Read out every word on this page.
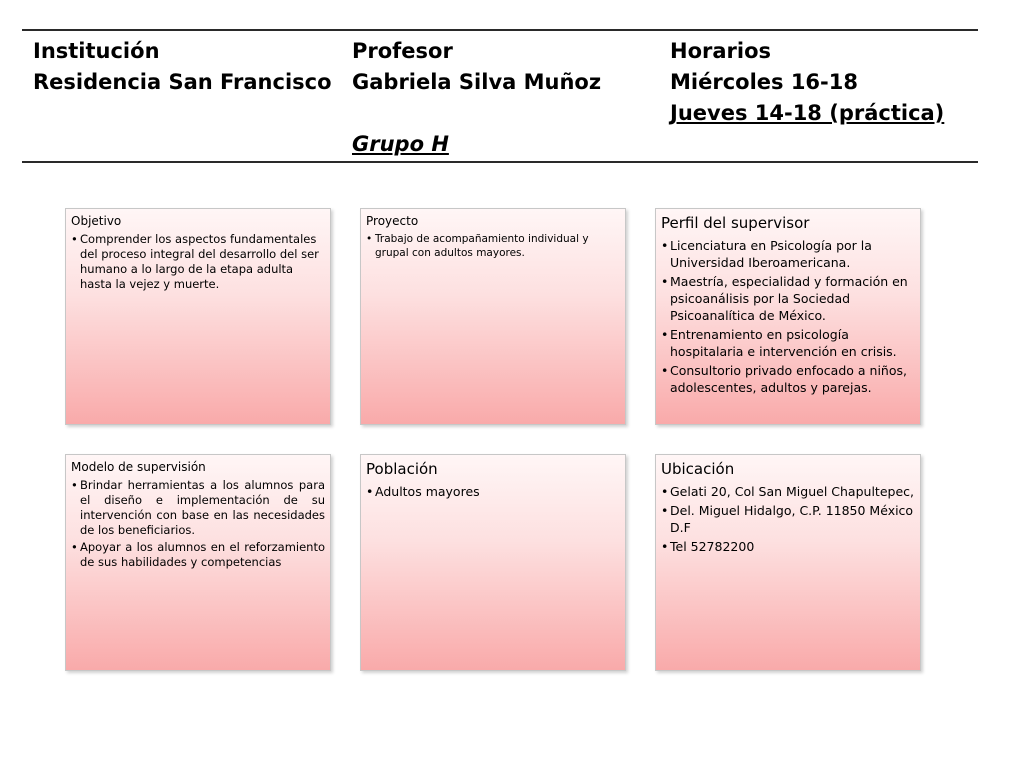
Institución
Residencia San Francisco
Profesor
Gabriela Silva Muñoz
Grupo H
Horarios
Miércoles 16-18
Jueves 14-18 (práctica)
Objetivo
• Comprender los aspectos fundamentales del proceso integral del desarrollo del ser humano a lo largo de la etapa adulta hasta la vejez y muerte.
Proyecto
• Trabajo de acompañamiento individual y grupal con adultos mayores.
Perfil del supervisor
• Licenciatura en Psicología por la Universidad Iberoamericana.
• Maestría, especialidad y formación en psicoanálisis por la Sociedad Psicoanalítica de México.
• Entrenamiento en psicología hospitalaria e intervención en crisis.
• Consultorio privado enfocado a niños, adolescentes, adultos y parejas.
Modelo de supervisión
• Brindar herramientas a los alumnos para el diseño e implementación de su intervención con base en las necesidades de los beneficiarios.
• Apoyar a los alumnos en el reforzamiento de sus habilidades y competencias
Población
• Adultos mayores
Ubicación
• Gelati 20, Col San Miguel Chapultepec,
• Del. Miguel Hidalgo, C.P. 11850 México D.F
• Tel 52782200
